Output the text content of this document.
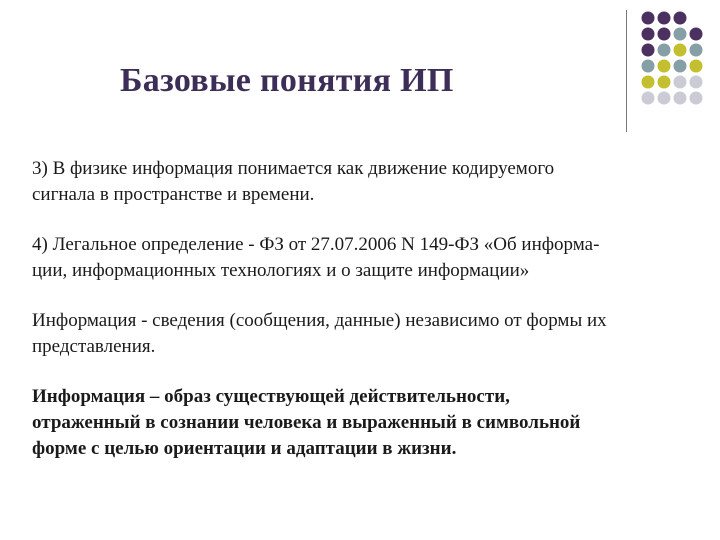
Базовые понятия ИП

3) В физике информация понимается как движение кодируемого
сигнала в пространстве и времени.

4) Легальное определение - ФЗ от 27.07.2006 N 149-ФЗ «Об информа-
ции, информационных технологиях и о защите информации»

Информация - сведения (сообщения, данные) независимо от формы их
представления.

Информация – образ существующей действительности,
отраженный в сознании человека и выраженный в символьной
форме с целью ориентации и адаптации в жизни.
